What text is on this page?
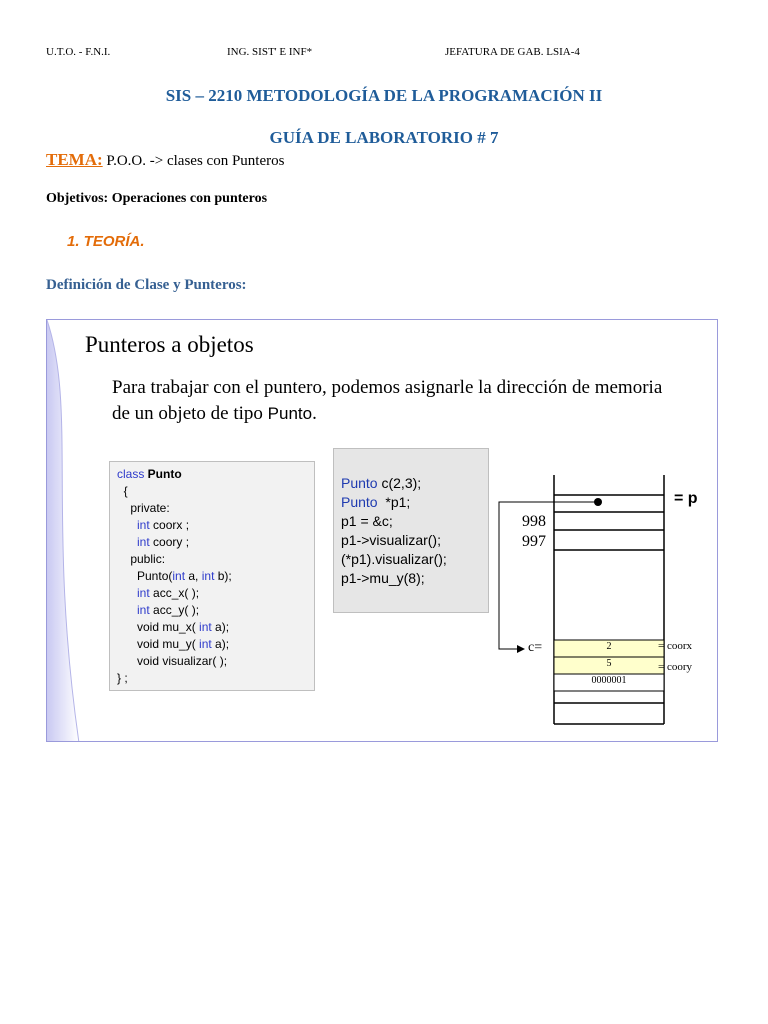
U.T.O. - F.N.I.	ING. SIST' E INF*	JEFATURA DE GAB. LSIA-4
SIS – 2210 METODOLOGÍA DE LA PROGRAMACIÓN II
GUÍA DE LABORATORIO # 7
TEMA: P.O.O. -> clases con Punteros
Objetivos: Operaciones con punteros
1. TEORÍA.
Definición de Clase y Punteros:
Punteros a objetos
Para trabajar con el puntero, podemos asignarle la dirección de memoria
de un objeto de tipo Punto.
class Punto
{
private:
int coorx ;
int coory ;
public:
Punto(int a, int b);
int acc_x( );
int acc_y( );
void mu_x( int a);
void mu_y( int a);
void visualizar( );
} ;
Punto c(2,3);
Punto  *p1;
p1 = &c;
p1->visualizar();
(*p1).visualizar();
p1->mu_y(8);
= p
998
997
c=	2
5
0000001
= coorx
= coory
